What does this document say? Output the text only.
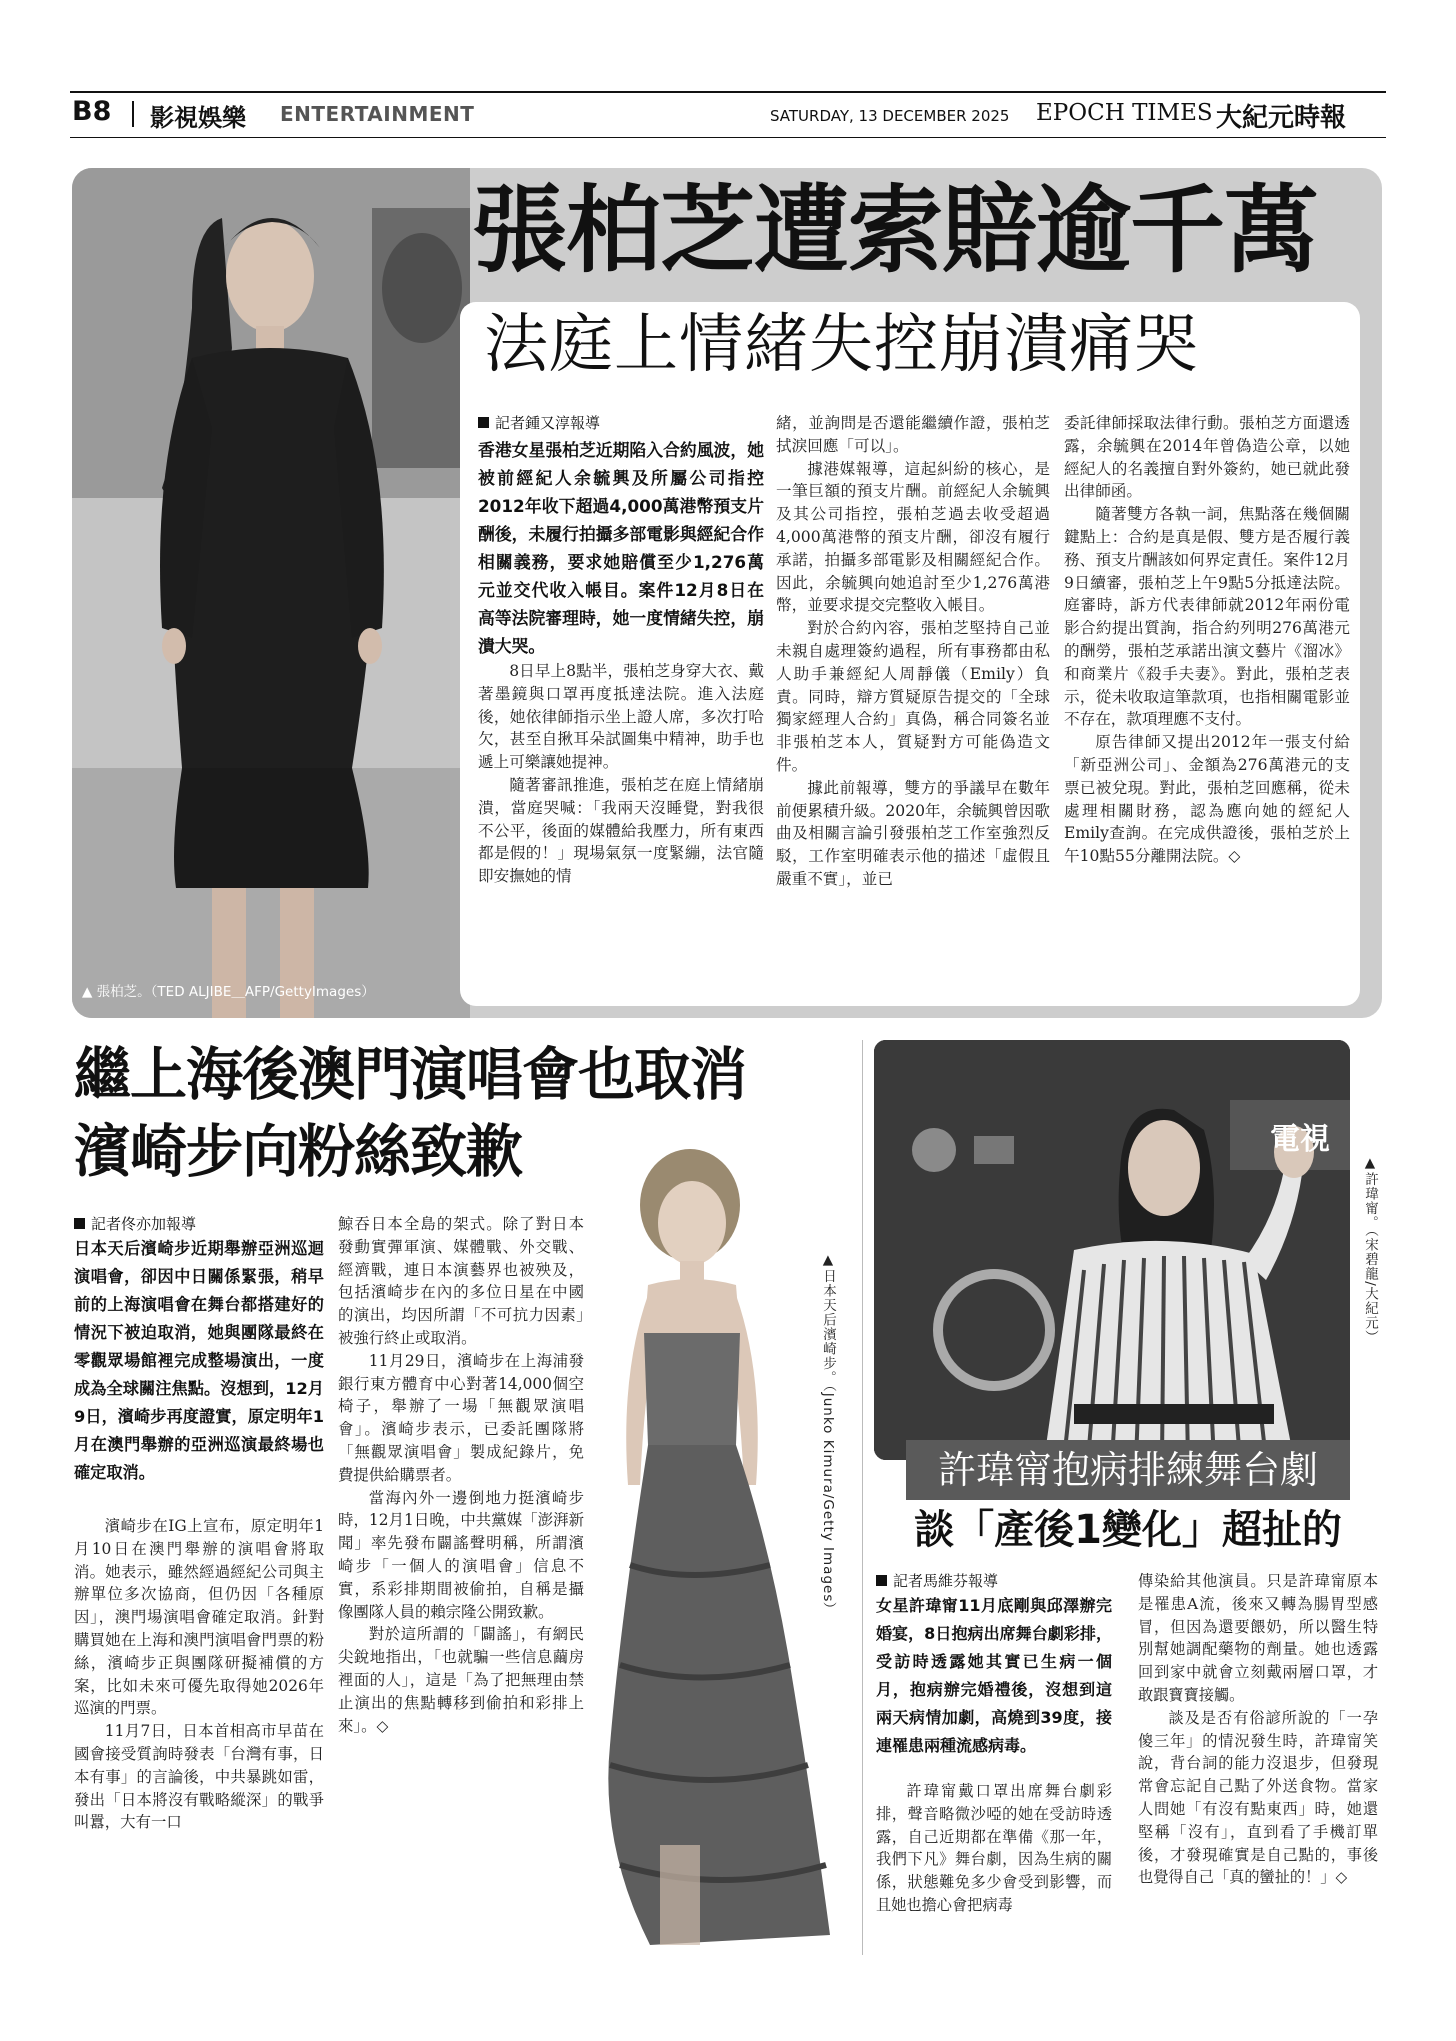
B8 影視娛樂 ENTERTAINMENT	SATURDAY, 13 DECEMBER 2025 EPOCH TIMES 大紀元時報
▲ 張柏芝。（TED ALJIBE＿AFP/GettyImages）
張柏芝遭索賠逾千萬
法庭上情緒失控崩潰痛哭
記者鍾又淳報導

香港女星張柏芝近期陷入合約風波，她被前經紀人余毓興及所屬公司指控2012年收下超過4,000萬港幣預支片酬後，未履行拍攝多部電影與經紀合作相關義務，要求她賠償至少1,276萬元並交代收入帳目。案件12月8日在高等法院審理時，她一度情緒失控，崩潰大哭。

8日早上8點半，張柏芝身穿大衣、戴著墨鏡與口罩再度抵達法院。進入法庭後，她依律師指示坐上證人席，多次打哈欠，甚至自揪耳朵試圖集中精神，助手也遞上可樂讓她提神。

隨著審訊推進，張柏芝在庭上情緒崩潰，當庭哭喊：「我兩天沒睡覺，對我很不公平，後面的媒體給我壓力，所有東西都是假的！」現場氣氛一度緊繃，法官隨即安撫她的情

緒，並詢問是否還能繼續作證，張柏芝拭淚回應「可以」。

據港媒報導，這起糾紛的核心，是一筆巨額的預支片酬。前經紀人余毓興及其公司指控，張柏芝過去收受超過4,000萬港幣的預支片酬，卻沒有履行承諾，拍攝多部電影及相關經紀合作。因此，余毓興向她追討至少1,276萬港幣，並要求提交完整收入帳目。

對於合約內容，張柏芝堅持自己並未親自處理簽約過程，所有事務都由私人助手兼經紀人周靜儀（Emily）負責。同時，辯方質疑原告提交的「全球獨家經理人合約」真偽，稱合同簽名並非張柏芝本人，質疑對方可能偽造文件。

據此前報導，雙方的爭議早在數年前便累積升級。2020年，余毓興曾因歌曲及相關言論引發張柏芝工作室強烈反駁，工作室明確表示他的描述「虛假且嚴重不實」，並已

委託律師採取法律行動。張柏芝方面還透露，余毓興在2014年曾偽造公章，以她經紀人的名義擅自對外簽約，她已就此發出律師函。

隨著雙方各執一詞，焦點落在幾個關鍵點上：合約是真是假、雙方是否履行義務、預支片酬該如何界定責任。案件12月9日續審，張柏芝上午9點5分抵達法院。庭審時，訴方代表律師就2012年兩份電影合約提出質詢，指合約列明276萬港元的酬勞，張柏芝承諾出演文藝片《溜冰》和商業片《殺手夫妻》。對此，張柏芝表示，從未收取這筆款項，也指相關電影並不存在，款項理應不支付。

原告律師又提出2012年一張支付給「新亞洲公司」、金額為276萬港元的支票已被兌現。對此，張柏芝回應稱，從未處理相關財務，認為應向她的經紀人Emily查詢。在完成供證後，張柏芝於上午10點55分離開法院。◇

繼上海後澳門演唱會也取消
濱崎步向粉絲致歉
▲日本天后濱崎步。（Junko Kimura/Getty Images）
記者佟亦加報導

日本天后濱崎步近期舉辦亞洲巡迴演唱會，卻因中日關係緊張，稍早前的上海演唱會在舞台都搭建好的情況下被迫取消，她與團隊最終在零觀眾場館裡完成整場演出，一度成為全球關注焦點。沒想到，12月9日，濱崎步再度證實，原定明年1月在澳門舉辦的亞洲巡演最終場也確定取消。

濱崎步在IG上宣布，原定明年1月10日在澳門舉辦的演唱會將取消。她表示，雖然經過經紀公司與主辦單位多次協商，但仍因「各種原因」，澳門場演唱會確定取消。針對購買她在上海和澳門演唱會門票的粉絲，濱崎步正與團隊研擬補償的方案，比如未來可優先取得她2026年巡演的門票。

11月7日，日本首相高市早苗在國會接受質詢時發表「台灣有事，日本有事」的言論後，中共暴跳如雷，發出「日本將沒有戰略縱深」的戰爭叫囂，大有一口

鯨吞日本全島的架式。除了對日本發動實彈軍演、媒體戰、外交戰、經濟戰，連日本演藝界也被殃及，包括濱崎步在內的多位日星在中國的演出，均因所謂「不可抗力因素」被強行終止或取消。

11月29日，濱崎步在上海浦發銀行東方體育中心對著14,000個空椅子，舉辦了一場「無觀眾演唱會」。濱崎步表示，已委託團隊將「無觀眾演唱會」製成紀錄片，免費提供給購票者。

當海內外一邊倒地力挺濱崎步時，12月1日晚，中共黨媒「澎湃新聞」率先發布闢謠聲明稱，所謂濱崎步「一個人的演唱會」信息不實，系彩排期間被偷拍，自稱是攝像團隊人員的賴宗隆公開致歉。

對於這所謂的「闢謠」，有網民尖銳地指出，「也就騙一些信息繭房裡面的人」，這是「為了把無理由禁止演出的焦點轉移到偷拍和彩排上來」。◇

電視
▲許瑋甯。（宋碧龍/大紀元）
許瑋甯抱病排練舞台劇
談「產後1變化」超扯的
記者馬維芬報導

女星許瑋甯11月底剛與邱澤辦完婚宴，8日抱病出席舞台劇彩排，受訪時透露她其實已生病一個月，抱病辦完婚禮後，沒想到這兩天病情加劇，高燒到39度，接連罹患兩種流感病毒。

許瑋甯戴口罩出席舞台劇彩排，聲音略微沙啞的她在受訪時透露，自己近期都在準備《那一年，我們下凡》舞台劇，因為生病的關係，狀態難免多少會受到影響，而且她也擔心會把病毒

傳染給其他演員。只是許瑋甯原本是罹患A流，後來又轉為腸胃型感冒，但因為還要餵奶，所以醫生特別幫她調配藥物的劑量。她也透露回到家中就會立刻戴兩層口罩，才敢跟寶寶接觸。

談及是否有俗諺所說的「一孕傻三年」的情況發生時，許瑋甯笑說，背台詞的能力沒退步，但發現常會忘記自己點了外送食物。當家人問她「有沒有點東西」時，她還堅稱「沒有」，直到看了手機訂單後，才發現確實是自己點的，事後也覺得自己「真的蠻扯的！」◇
